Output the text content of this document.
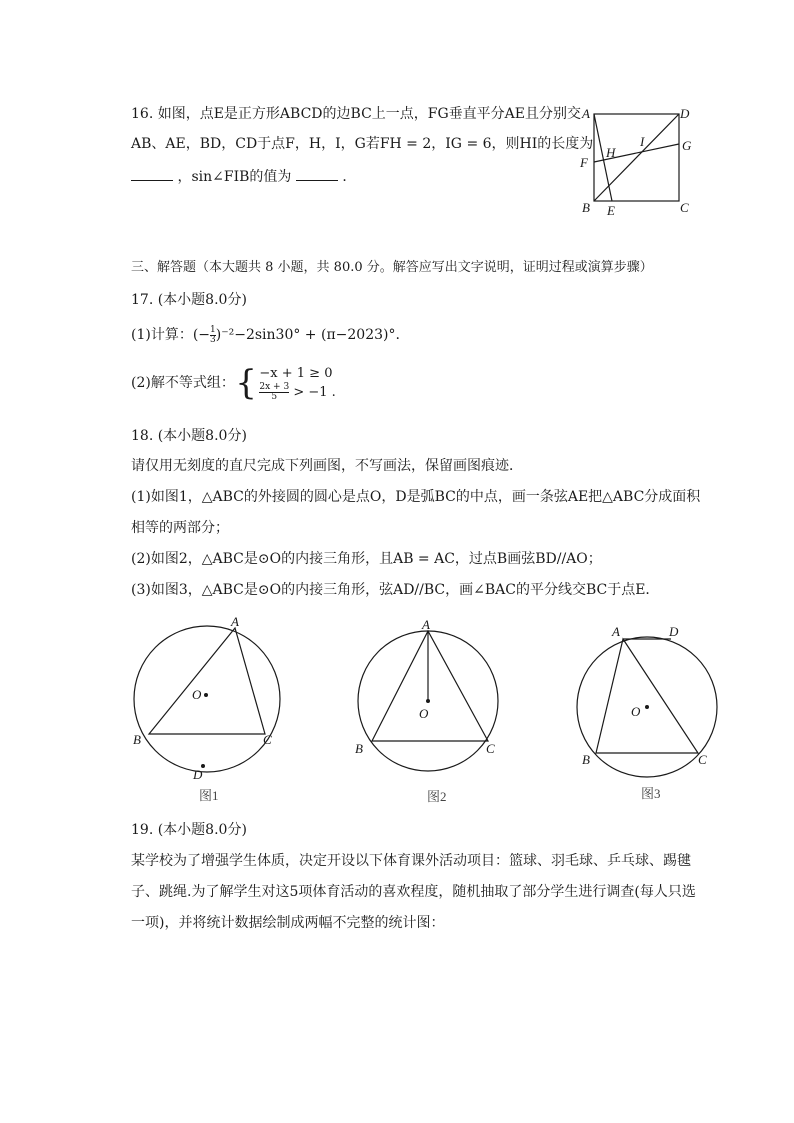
16. 如图，点E是正方形ABCD的边BC上一点，FG垂直平分AE且分别交
AB、AE，BD，CD于点F，H，I，G若FH = 2，IG = 6，则HI的长度为
，sin∠FIB的值为	．
A	D
B	C
E
F
G
H
I
三、解答题（本大题共 8 小题，共 80.0 分。解答应写出文字说明，证明过程或演算步骤）
17. (本小题8.0分)
(1)计算：$(-\frac{1}{3} )^{-2}-2\sin 30^\circ + (\pi-2023)^\circ$.
(2)解不等式组： { −x + 1 ≥ 0
$\frac{2x + 3}{5} > -1$ .
18. (本小题8.0分)
请仅用无刻度的直尺完成下列画图，不写画法，保留画图痕迹．
(1)如图1，△ABC的外接圆的圆心是点O，D是弧BC的中点，画一条弦AE把△ABC分成面积
相等的两部分；
(2)如图2，△ABC是⊙O的内接三角形，且AB = AC，过点B画弦BD//AO；
(3)如图3，△ABC是⊙O的内接三角形，弦AD//BC，画∠BAC的平分线交BC于点E．
A
B	C
D
O
图1
A
B	C
O
图2
A	D
B	C
O
图3
19. (本小题8.0分)
某学校为了增强学生体质，决定开设以下体育课外活动项目：篮球、羽毛球、乒乓球、踢毽
子、跳绳.为了解学生对这5项体育活动的喜欢程度，随机抽取了部分学生进行调查(每人只选
一项)，并将统计数据绘制成两幅不完整的统计图：
